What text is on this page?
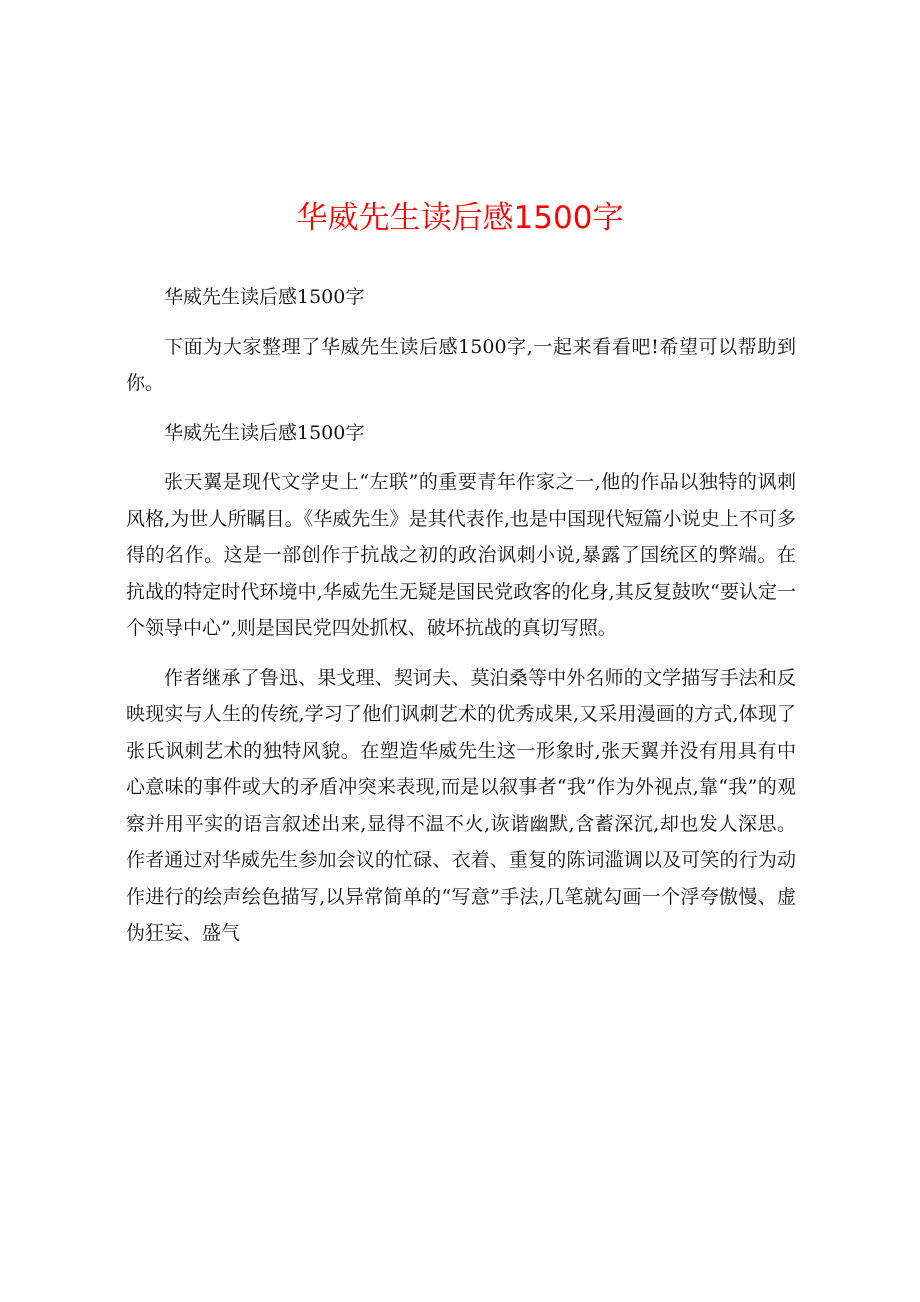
华威先生读后感1500字

华威先生读后感1500字

下面为大家整理了华威先生读后感1500字,一起来看看吧!希望可以帮助到你。

华威先生读后感1500字

张天翼是现代文学史上“左联”的重要青年作家之一,他的作品以独特的讽刺风格,为世人所瞩目。《华威先生》是其代表作,也是中国现代短篇小说史上不可多得的名作。这是一部创作于抗战之初的政治讽刺小说,暴露了国统区的弊端。在抗战的特定时代环境中,华威先生无疑是国民党政客的化身,其反复鼓吹“要认定一个领导中心”,则是国民党四处抓权、破坏抗战的真切写照。

作者继承了鲁迅、果戈理、契诃夫、莫泊桑等中外名师的文学描写手法和反映现实与人生的传统,学习了他们讽刺艺术的优秀成果,又采用漫画的方式,体现了张氏讽刺艺术的独特风貌。在塑造华威先生这一形象时,张天翼并没有用具有中心意味的事件或大的矛盾冲突来表现,而是以叙事者“我”作为外视点,靠“我”的观察并用平实的语言叙述出来,显得不温不火,诙谐幽默,含蓄深沉,却也发人深思。作者通过对华威先生参加会议的忙碌、衣着、重复的陈词滥调以及可笑的行为动作进行的绘声绘色描写,以异常简单的“写意”手法,几笔就勾画一个浮夸傲慢、虚伪狂妄、盛气
